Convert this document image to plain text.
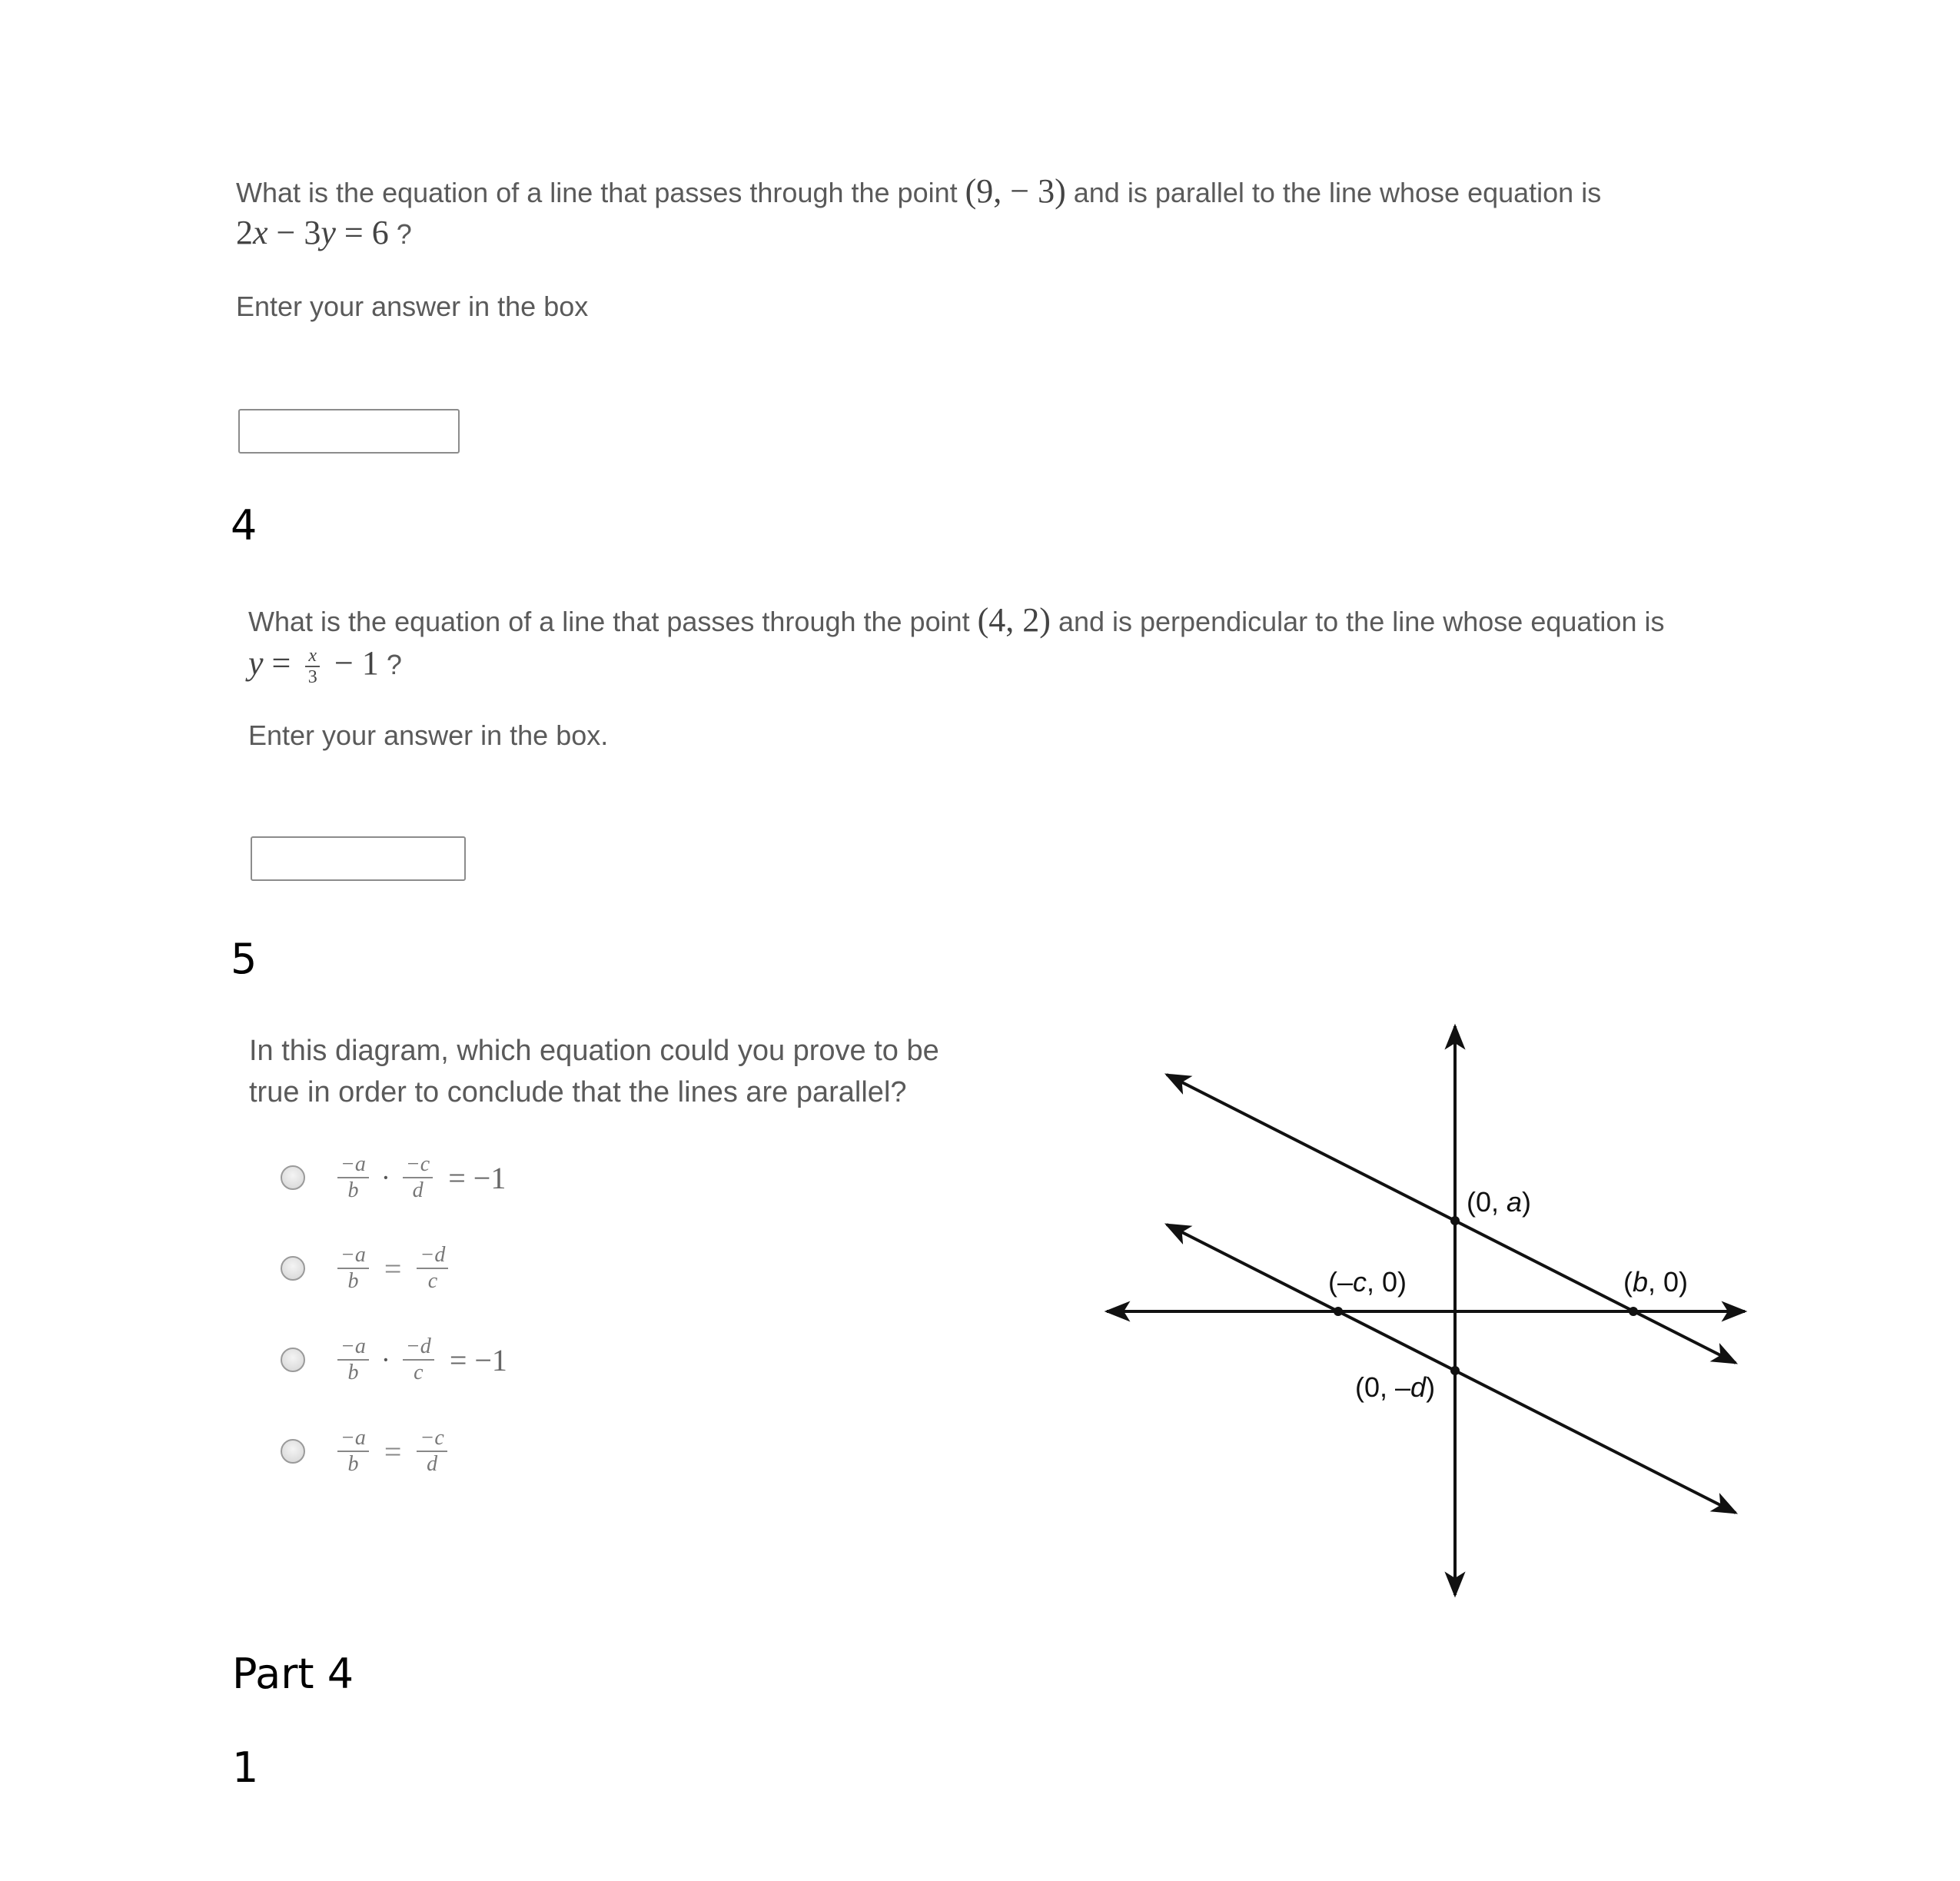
What is the equation of a line that passes through the point (9, − 3) and is parallel to the line whose equation is
2x − 3y = 6 ?
Enter your answer in the box
4
What is the equation of a line that passes through the point (4, 2) and is perpendicular to the line whose equation is
$y = \frac{x}{3} - 1$ ?
Enter your answer in the box.
5
In this diagram, which equation could you prove to be
true in order to conclude that the lines are parallel?
$\frac{-a}{b} \cdot \frac{-c}{d} = -1$
$\frac{-a}{b} = \frac{-d}{c}$
$\frac{-a}{b} \cdot \frac{-d}{c} = -1$
$\frac{-a}{b} = \frac{-c}{d}$
(0, a)
(–c, 0)	(b, 0)
(0, –d)
Part 4
1
